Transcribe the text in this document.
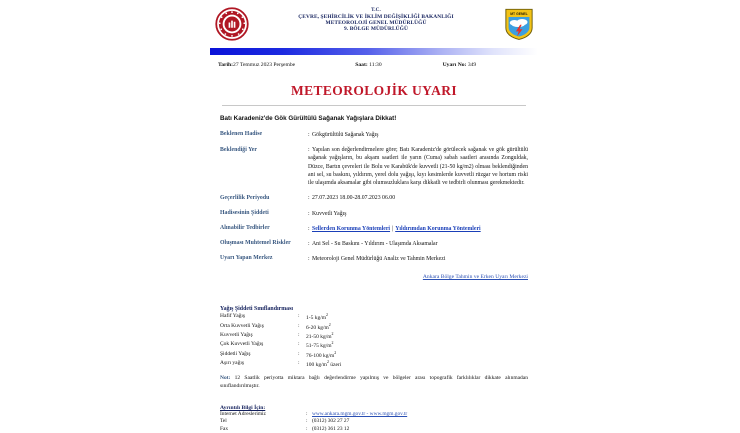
T.C.
ÇEVRE, ŞEHİRCİLİK VE İKLİM DEĞİŞİKLİĞİ BAKANLIĞI
METEOROLOJİ GENEL MÜDÜRLÜĞÜ
9. BÖLGE MÜDÜRLÜĞÜ
MT GENEL
Tarih:27 Temmuz 2023 Perşembe	Saat: 11:30	Uyarı No: 349
METEOROLOJİK UYARI
Batı Karadeniz'de Gök Gürültülü Sağanak Yağışlara Dikkat!
Beklenen Hadise	: Gökgürültülü Sağanak Yağış
Beklendiği Yer	: Yapılan son değerlendirmelere göre; Batı Karadeniz'de görülecek sağanak ve gök gürültülü sağanak yağışların, bu akşam saatleri ile yarın (Cuma) sabah saatleri arasında Zonguldak, Düzce, Bartın çevreleri ile Bolu ve Karabük'de kuvvetli (21-50 kg/m2) olması beklendiğinden ani sel, su baskını, yıldırım, yerel dolu yağışı, kıyı kesimlerde kuvvetli rüzgar ve hortum riski ile ulaşımda aksamalar gibi olumsuzluklara karşı dikkatli ve tedbirli olunması gerekmektedir.
Geçerlilik Periyodu	: 27.07.2023 18.00-28.07.2023 06.00
Hadisesinin Şiddeti	: Kuvvetli Yağış
Alınabilir Tedbirler	: Sellerden Korunma Yöntemleri | Yıldırımdan Korunma Yöntemleri
Oluşması Muhtemel Riskler	: Ani Sel - Su Baskını - Yıldırım - Ulaşımda Aksamalar
Uyarı Yapan Merkez	: Meteoroloji Genel Müdürlüğü Analiz ve Tahmin Merkezi
Ankara Bölge Tahmin ve Erken Uyarı Merkezi
Yağış Şiddeti Sınıflandırması
Hafif Yağış	:	1-5 $kg/m^2$
Orta Kuvvetli Yağış	:	6-20 $kg/m^2$
Kuvvetli Yağış	:	21-50 $kg/m^2$
Çok Kuvvetli Yağış	:	51-75 $kg/m^2$
Şiddetli Yağış	:	76-100 $kg/m^2$
Aşırı yağış	:	100 $kg/m^2$ üzeri
Not: 12 Saatlik periyotta miktara bağlı değerlendirme yapılmış ve bölgeler arası topografik farklılıklar dikkate alınmadan sınıflandırılmıştır.
Ayrıntılı Bilgi İçin:
İnternet Adreslerimiz	: www.ankara.mgm.gov.tr - www.mgm.gov.tr
Tel	: (0312) 302 27 27
Fax	: (0312) 361 23 12
